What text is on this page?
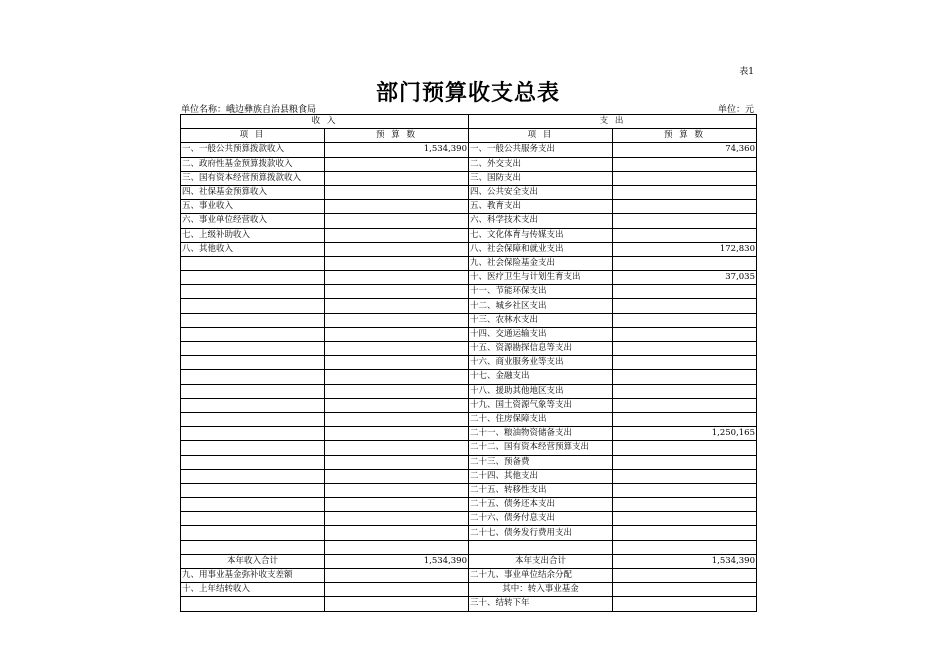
表1
部门预算收支总表
单位名称：峨边彝族自治县粮食局	单位：元
收 入		支 出	
项 目	预 算 数	项 目	预 算 数
一、一般公共预算拨款收入	1,534,390	一、一般公共服务支出	74,360
二、政府性基金预算拨款收入		二、外交支出	
三、国有资本经营预算拨款收入		三、国防支出	
四、社保基金预算收入		四、公共安全支出	
五、事业收入		五、教育支出	
六、事业单位经营收入		六、科学技术支出	
七、上级补助收入		七、文化体育与传媒支出	
八、其他收入		八、社会保障和就业支出	172,830
		九、社会保险基金支出	
		十、医疗卫生与计划生育支出	37,035
		十一、节能环保支出	
		十二、城乡社区支出	
		十三、农林水支出	
		十四、交通运输支出	
		十五、资源勘探信息等支出	
		十六、商业服务业等支出	
		十七、金融支出	
		十八、援助其他地区支出	
		十九、国土资源气象等支出	
		二十、住房保障支出	
		二十一、粮油物资储备支出	1,250,165
		二十二、国有资本经营预算支出	
		二十三、预备费	
		二十四、其他支出	
		二十五、转移性支出	
		二十五、债务还本支出	
		二十六、债务付息支出	
		二十七、债务发行费用支出	

本年收入合计	1,534,390	本年支出合计	1,534,390
九、用事业基金弥补收支差额		二十九、事业单位结余分配	
十、上年结转收入		其中：转入事业基金	
		三十、结转下年	
